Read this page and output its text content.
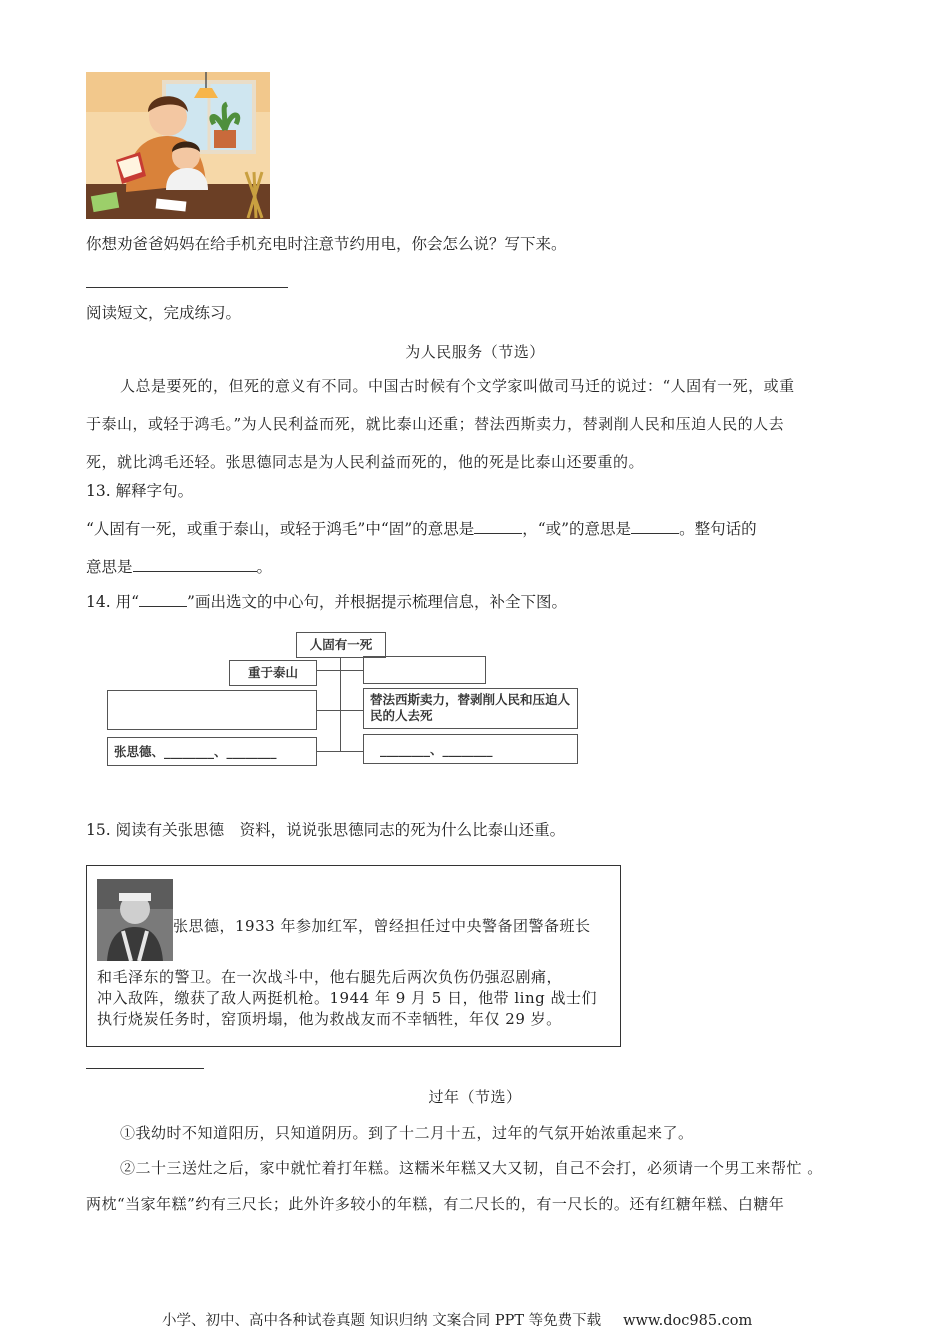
你想劝爸爸妈妈在给手机充电时注意节约用电，你会怎么说？写下来。
阅读短文，完成练习。
为人民服务（节选）
人总是要死的，但死的意义有不同。中国古时候有个文学家叫做司马迁的说过：“人固有一死，或重
于泰山，或轻于鸿毛。”为人民利益而死，就比泰山还重；替法西斯卖力，替剥削人民和压迫人民的人去
死，就比鸿毛还轻。张思德同志是为人民利益而死的，他的死是比泰山还要重的。
13. 解释字句。
“人固有一死，或重于泰山，或轻于鸿毛”中“固”的意思是	，“或”的意思是	。整句话的
意思是	。
14. 用“	”画出选文的中心句，并根据提示梳理信息，补全下图。
人固有一死
重于泰山
替法西斯卖力，替剥削人民和压迫人民的人去死
张思德、________、________	________、________
15. 阅读有关张思德　资料，说说张思德同志的死为什么比泰山还重。
张思德，1933 年参加红军，曾经担任过中央警备团警备班长
和毛泽东的警卫。在一次战斗中，他右腿先后两次负伤仍强忍剧痛，
冲入敌阵，缴获了敌人两挺机枪。1944 年 9 月 5 日，他带 ling 战士们
执行烧炭任务时，窑顶坍塌，他为救战友而不幸牺牲，年仅 29 岁。
过年（节选）
①我幼时不知道阳历，只知道阴历。到了十二月十五，过年的气氛开始浓重起来了。
②二十三送灶之后，家中就忙着打年糕。这糯米年糕又大又韧，自己不会打，必须请一个男工来帮忙 。
两枕“当家年糕”约有三尺长；此外许多较小的年糕，有二尺长的，有一尺长的。还有红糖年糕、白糖年
小学、初中、高中各种试卷真题 知识归纳 文案合同 PPT 等免费下载 www.doc985.com
